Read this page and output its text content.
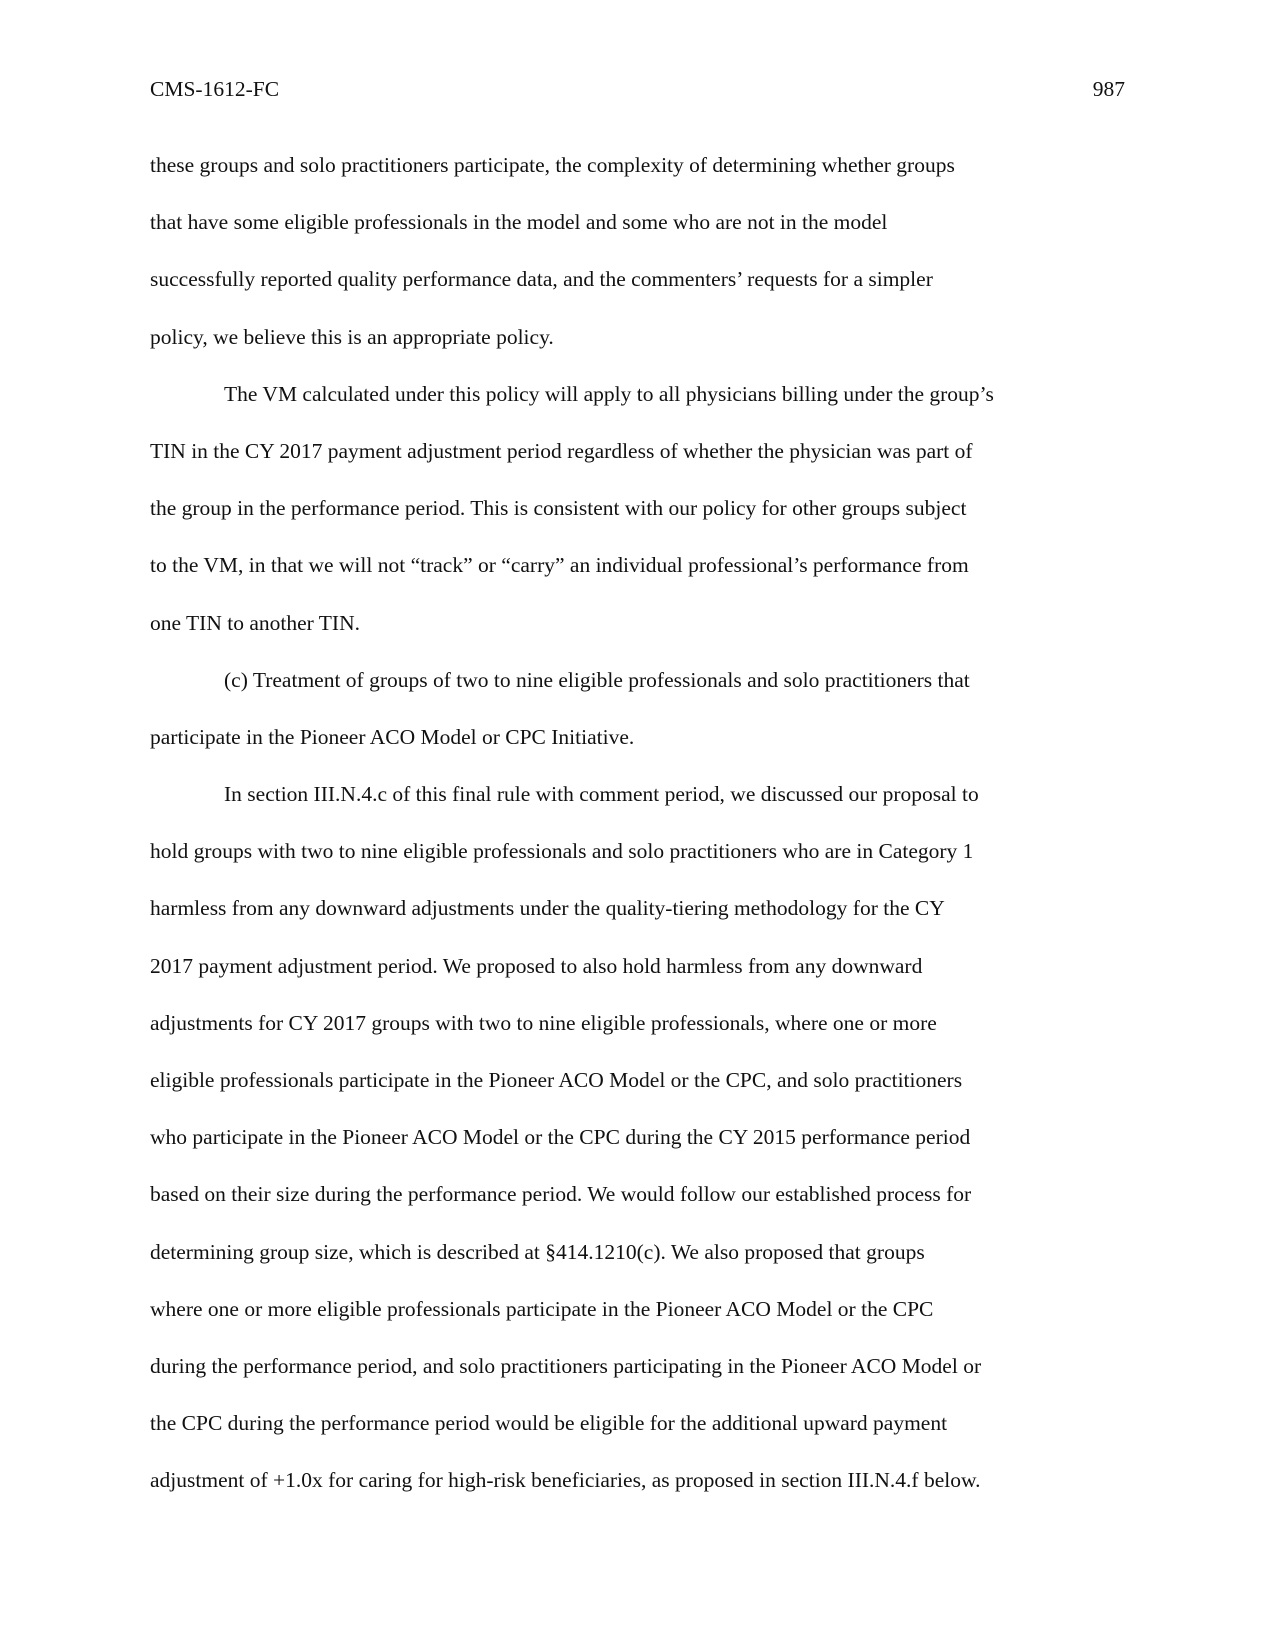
CMS-1612-FC	987
these groups and solo practitioners participate, the complexity of determining whether groups
that have some eligible professionals in the model and some who are not in the model
successfully reported quality performance data, and the commenters’ requests for a simpler
policy, we believe this is an appropriate policy.
The VM calculated under this policy will apply to all physicians billing under the group’s
TIN in the CY 2017 payment adjustment period regardless of whether the physician was part of
the group in the performance period. This is consistent with our policy for other groups subject
to the VM, in that we will not “track” or “carry” an individual professional’s performance from
one TIN to another TIN.
(c) Treatment of groups of two to nine eligible professionals and solo practitioners that
participate in the Pioneer ACO Model or CPC Initiative.
In section III.N.4.c of this final rule with comment period, we discussed our proposal to
hold groups with two to nine eligible professionals and solo practitioners who are in Category 1
harmless from any downward adjustments under the quality-tiering methodology for the CY
2017 payment adjustment period. We proposed to also hold harmless from any downward
adjustments for CY 2017 groups with two to nine eligible professionals, where one or more
eligible professionals participate in the Pioneer ACO Model or the CPC, and solo practitioners
who participate in the Pioneer ACO Model or the CPC during the CY 2015 performance period
based on their size during the performance period. We would follow our established process for
determining group size, which is described at §414.1210(c). We also proposed that groups
where one or more eligible professionals participate in the Pioneer ACO Model or the CPC
during the performance period, and solo practitioners participating in the Pioneer ACO Model or
the CPC during the performance period would be eligible for the additional upward payment
adjustment of +1.0x for caring for high-risk beneficiaries, as proposed in section III.N.4.f below.
